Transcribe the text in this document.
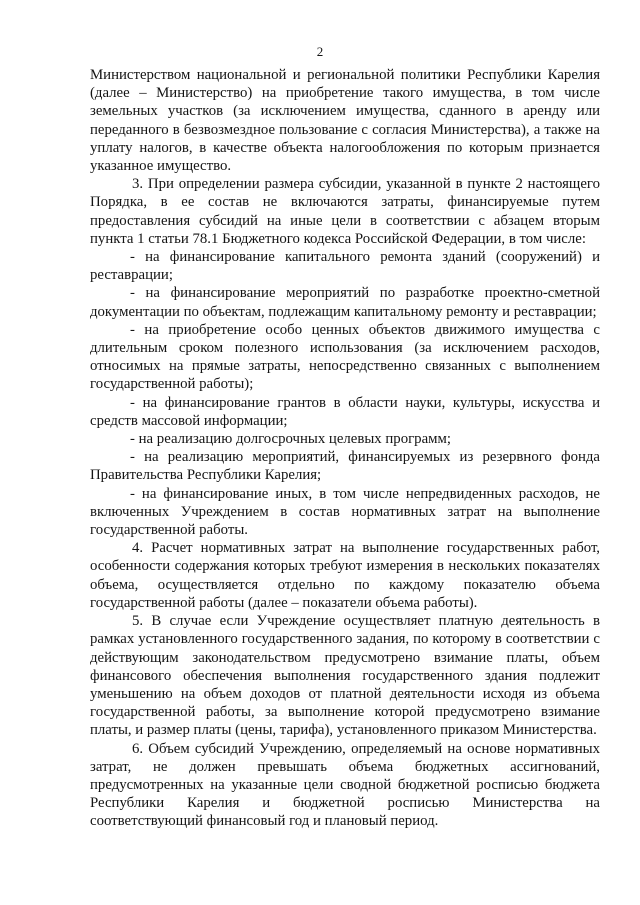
2

Министерством национальной и региональной политики Республики Карелия (далее – Министерство) на приобретение такого имущества, в том числе земельных участков (за исключением имущества, сданного в аренду или переданного в безвозмездное пользование с согласия Министерства), а также на уплату налогов, в качестве объекта налогообложения по которым признается указанное имущество.

3. При определении размера субсидии, указанной в пункте 2 настоящего Порядка, в ее состав не включаются затраты, финансируемые путем предоставления субсидий на иные цели в соответствии с абзацем вторым пункта 1 статьи 78.1 Бюджетного кодекса Российской Федерации, в том числе:

- на финансирование капитального ремонта зданий (сооружений) и реставрации;

- на финансирование мероприятий по разработке проектно-сметной документации по объектам, подлежащим капитальному ремонту и реставрации;

- на приобретение особо ценных объектов движимого имущества с длительным сроком полезного использования (за исключением расходов, относимых на прямые затраты, непосредственно связанных с выполнением государственной работы);

- на финансирование грантов в области науки, культуры, искусства и средств массовой информации;

- на реализацию долгосрочных целевых программ;

- на реализацию мероприятий, финансируемых из резервного фонда Правительства Республики Карелия;

- на финансирование иных, в том числе непредвиденных расходов, не включенных Учреждением в состав нормативных затрат на выполнение государственной работы.

4. Расчет нормативных затрат на выполнение государственных работ, особенности содержания которых требуют измерения в нескольких показателях объема, осуществляется отдельно по каждому показателю объема государственной работы (далее – показатели объема работы).

5. В случае если Учреждение осуществляет платную деятельность в рамках установленного государственного задания, по которому в соответствии с действующим законодательством предусмотрено взимание платы, объем финансового обеспечения выполнения государственного здания подлежит уменьшению на объем доходов от платной деятельности исходя из объема государственной работы, за выполнение которой предусмотрено взимание платы, и размер платы (цены, тарифа), установленного приказом Министерства.

6. Объем субсидий Учреждению, определяемый на основе нормативных затрат, не должен превышать объема бюджетных ассигнований, предусмотренных на указанные цели сводной бюджетной росписью бюджета Республики Карелия и бюджетной росписью Министерства на соответствующий финансовый год и плановый период.
